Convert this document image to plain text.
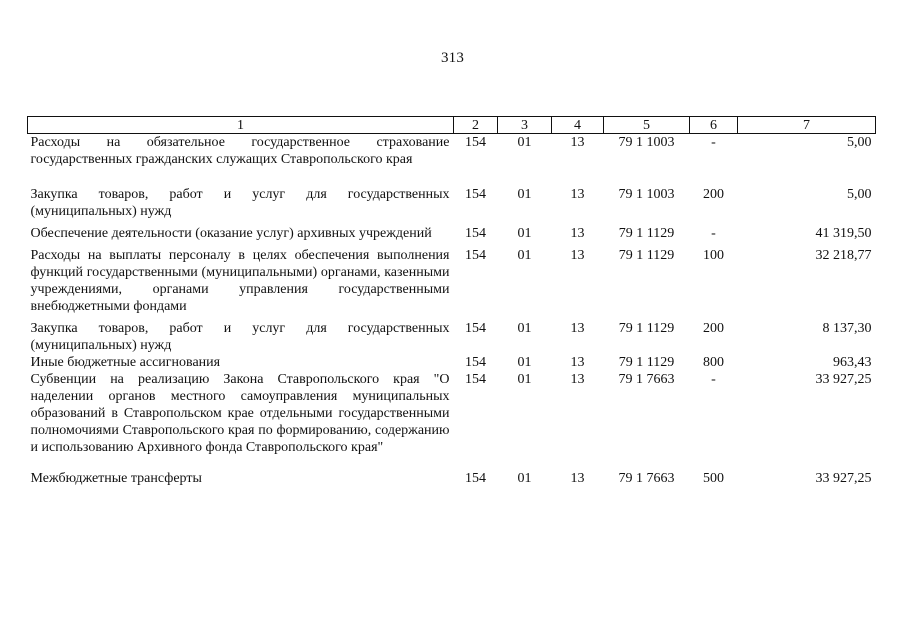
313
1	2	3	4	5	6	7
Расходы на обязательное государственное страхование государственных гражданских служащих Ставропольского края	154	01	13	79 1 1003	-	5,00
Закупка товаров, работ и услуг для государственных (муниципальных) нужд	154	01	13	79 1 1003	200	5,00
Обеспечение деятельности (оказание услуг) архивных учреждений	154	01	13	79 1 1129	-	41 319,50
Расходы на выплаты персоналу в целях обеспечения выполнения функций государственными (муниципальными) органами, казенными учреждениями, органами управления государственными внебюджетными фондами	154	01	13	79 1 1129	100	32 218,77
Закупка товаров, работ и услуг для государственных (муниципальных) нужд	154	01	13	79 1 1129	200	8 137,30
Иные бюджетные ассигнования	154	01	13	79 1 1129	800	963,43
Субвенции на реализацию Закона Ставропольского края "О наделении органов местного самоуправления муниципальных образований в Ставропольском крае отдельными государственными полномочиями Ставропольского края по формированию, содержанию и использованию Архивного фонда Ставропольского края"	154	01	13	79 1 7663	-	33 927,25
Межбюджетные трансферты	154	01	13	79 1 7663	500	33 927,25
